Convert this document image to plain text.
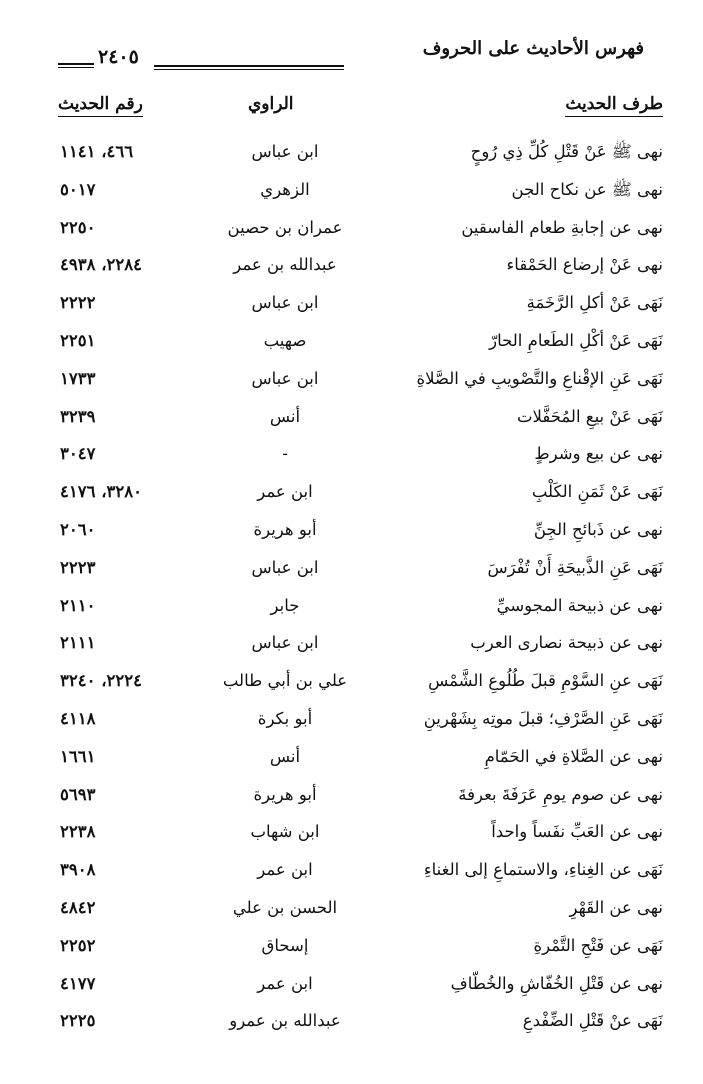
٢٤٠٥	فهرس الأحاديث على الحروف
رقم الحديث	الراوي	طرف الحديث
٤٦٦، ١١٤١	ابن عباس	نهى ﷺ عَنْ قَتْلِ كُلِّ ذِي رُوحٍ
٥٠١٧	الزهري	نهى ﷺ عن نكاح الجن
٢٢٥٠	عمران بن حصين	نهى عن إجابةِ طعام الفاسقين
٢٢٨٤، ٤٩٣٨	عبدالله بن عمر	نهى عَنْ إرضاع الحَمْقاء
٢٢٢٢	ابن عباس	نَهَى عَنْ أكلِ الرَّخَمَةِ
٢٢٥١	صهيب	نَهَى عَنْ أكْلِ الطَعامِ الحارّ
١٧٣٣	ابن عباس	نَهَى عَنِ الإقْناعِ والتَّصْويبِ في الصَّلاةِ
٣٢٣٩	أنس	نَهَى عَنْ بيعِ المُحَفَّلات
٣٠٤٧	-	نهى عن بيع وشرطٍ
٣٢٨٠، ٤١٧٦	ابن عمر	نَهَى عَنْ ثَمَنِ الكَلْبِ
٢٠٦٠	أبو هريرة	نهى عن ذَبائحِ الجِنِّ
٢٢٢٣	ابن عباس	نَهَى عَنِ الذَّبيحَةِ أَنْ تُفْرَسَ
٢١١٠	جابر	نهى عن ذبيحة المجوسيِّ
٢١١١	ابن عباس	نهى عن ذبيحة نصارى العرب
٢٢٢٤، ٣٢٤٠	علي بن أبي طالب	نَهَى عنِ السَّوْمِ قبلَ طُلُوعِ الشَّمْسِ
٤١١٨	أبو بكرة	نَهَى عَنِ الصَّرْفِ؛ قبلَ موتِه بِشَهْرينِ
١٦٦١	أنس	نهى عن الصَّلاةِ في الحَمّامِ
٥٦٩٣	أبو هريرة	نهى عن صوم يومِ عَرَفَةَ بعرفةَ
٢٢٣٨	ابن شهاب	نهى عن العَبِّ نفَساً واحداً
٣٩٠٨	ابن عمر	نَهَى عن الغِناءِ، والاستماعِ إلى الغناءِ
٤٨٤٢	الحسن بن علي	نهى عن القَهْرِ
٢٢٥٢	إسحاق	نَهَى عن فَتْحِ التَّمْرةِ
٤١٧٧	ابن عمر	نهى عن قَتْلِ الخُفّاشِ والخُطّافِ
٢٢٢٥	عبدالله بن عمرو	نَهَى عنْ قَتْلِ الضِّفْدعِ
